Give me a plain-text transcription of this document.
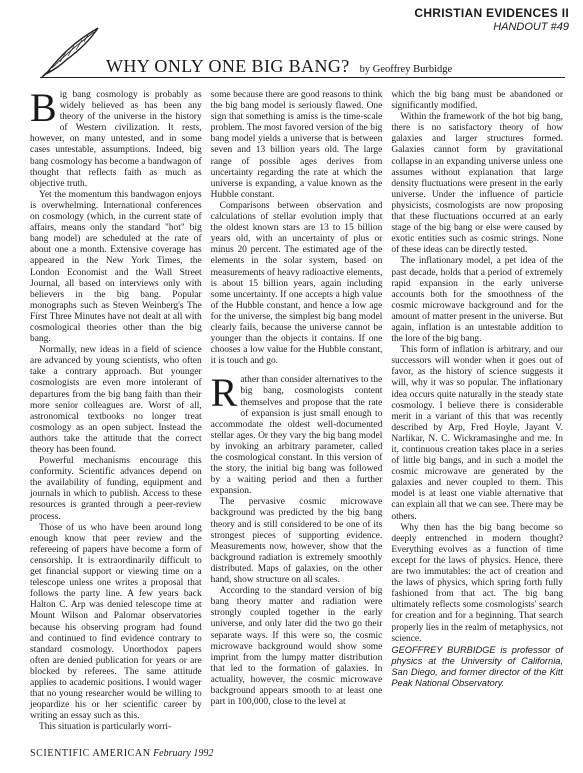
CHRISTIAN EVIDENCES II
HANDOUT #49
WHY ONLY ONE BIG BANG? by Geoffrey Burbidge

Big bang cosmology is probably as widely believed as has been any theory of the universe in the history of Western civilization. It rests, however, on many untested, and in some cases untestable, assumptions. Indeed, big bang cosmology has become a bandwagon of thought that reflects faith as much as objective truth.

Yet the momentum this bandwagon enjoys is overwhelming. International conferences on cosmology (which, in the current state of affairs, means only the standard "hot" big bang model) are scheduled at the rate of about one a month. Extensive coverage has appeared in the New York Times, the London Economist and the Wall Street Journal, all based on interviews only with believers in the big bang. Popular monographs such as Steven Weinberg's The First Three Minutes have not dealt at all with cosmological theories other than the big bang.

Normally, new ideas in a field of science are advanced by young scientists, who often take a contrary approach. But younger cosmologists are even more intolerant of departures from the big bang faith than their more senior colleagues are. Worst of all, astronomical textbooks no longer treat cosmology as an open subject. Instead the authors take the attitude that the correct theory has been found.

Powerful mechanisms encourage this conformity. Scientific advances depend on the availability of funding, equipment and journals in which to publish. Access to these resources is granted through a peer-review process.

Those of us who have been around long enough know that peer review and the refereeing of papers have become a form of censorship. It is extraordinarily difficult to get financial support or viewing time on a telescope unless one writes a proposal that follows the party line. A few years back Halton C. Arp was denied telescope time at Mount Wilson and Palomar observatories because his observing program had found and continued to find evidence contrary to standard cosmology. Unorthodox papers often are denied publication for years or are blocked by referees. The same attitude applies to academic positions. I would wager that no young researcher would be willing to jeopardize his or her scientific career by writing an essay such as this.

This situation is particularly worri-

some because there are good reasons to think the big bang model is seriously flawed. One sign that something is amiss is the time-scale problem. The most favored version of the big bang model yields a universe that is between seven and 13 billion years old. The large range of possible ages derives from uncertainty regarding the rate at which the universe is expanding, a value known as the Hubble constant.

Comparisons between observation and calculations of stellar evolution imply that the oldest known stars are 13 to 15 billion years old, with an uncertainty of plus or minus 20 percent. The estimated age of the elements in the solar system, based on measurements of heavy radioactive elements, is about 15 billion years, again including some uncertainty. If one accepts a high value of the Hubble constant, and hence a low age for the universe, the simplest big bang model clearly fails, because the universe cannot be younger than the objects it contains. If one chooses a low value for the Hubble constant, it is touch and go.

Rather than consider alternatives to the big bang, cosmologists content themselves and propose that the rate of expansion is just small enough to accommodate the oldest well-documented stellar ages. Or they vary the big bang model by invoking an arbitrary parameter, called the cosmological constant. In this version of the story, the initial big bang was followed by a waiting period and then a further expansion.

The pervasive cosmic microwave background was predicted by the big bang theory and is still considered to be one of its strongest pieces of supporting evidence. Measurements now, however, show that the background radiation is extremely smoothly distributed. Maps of galaxies, on the other hand, show structure on all scales.

According to the standard version of big bang theory matter and radiation were strongly coupled together in the early universe, and only later did the two go their separate ways. If this were so, the cosmic microwave background would show some imprint from the lumpy matter distribution that led to the formation of galaxies. In actuality, however, the cosmic microwave background appears smooth to at least one part in 100,000, close to the level at

which the big bang must be abandoned or significantly modified.

Within the framework of the hot big bang, there is no satisfactory theory of how galaxies and larger structures formed. Galaxies cannot form by gravitational collapse in an expanding universe unless one assumes without explanation that large density fluctuations were present in the early universe. Under the influence of particle physicists, cosmologists are now proposing that these fluctuations occurred at an early stage of the big bang or else were caused by exotic entities such as cosmic strings. None of these ideas can be directly tested.

The inflationary model, a pet idea of the past decade, holds that a period of extremely rapid expansion in the early universe accounts both for the smoothness of the cosmic microwave background and for the amount of matter present in the universe. But again, inflation is an untestable addition to the lore of the big bang.

This form of inflation is arbitrary, and our successors will wonder when it goes out of favor, as the history of science suggests it will, why it was so popular. The inflationary idea occurs quite naturally in the steady state cosmology. I believe there is considerable merit in a variant of this that was recently described by Arp, Fred Hoyle, Jayant V. Narlikar, N. C. Wickramasinghe and me. In it, continuous creation takes place in a series of little big bangs, and in such a model the cosmic microwave are generated by the galaxies and never coupled to them. This model is at least one viable alternative that can explain all that we can see. There may be others.

Why then has the big bang become so deeply entrenched in modern thought? Everything evolves as a function of time except for the laws of physics. Hence, there are two immutables: the act of creation and the laws of physics, which spring forth fully fashioned from that act. The big bang ultimately reflects some cosmologists' search for creation and for a beginning. That search properly lies in the realm of metaphysics, not science.

GEOFFREY BURBIDGE is professor of physics at the University of California, San Diego, and former director of the Kitt Peak National Observatory.

SCIENTIFIC AMERICAN February 1992
